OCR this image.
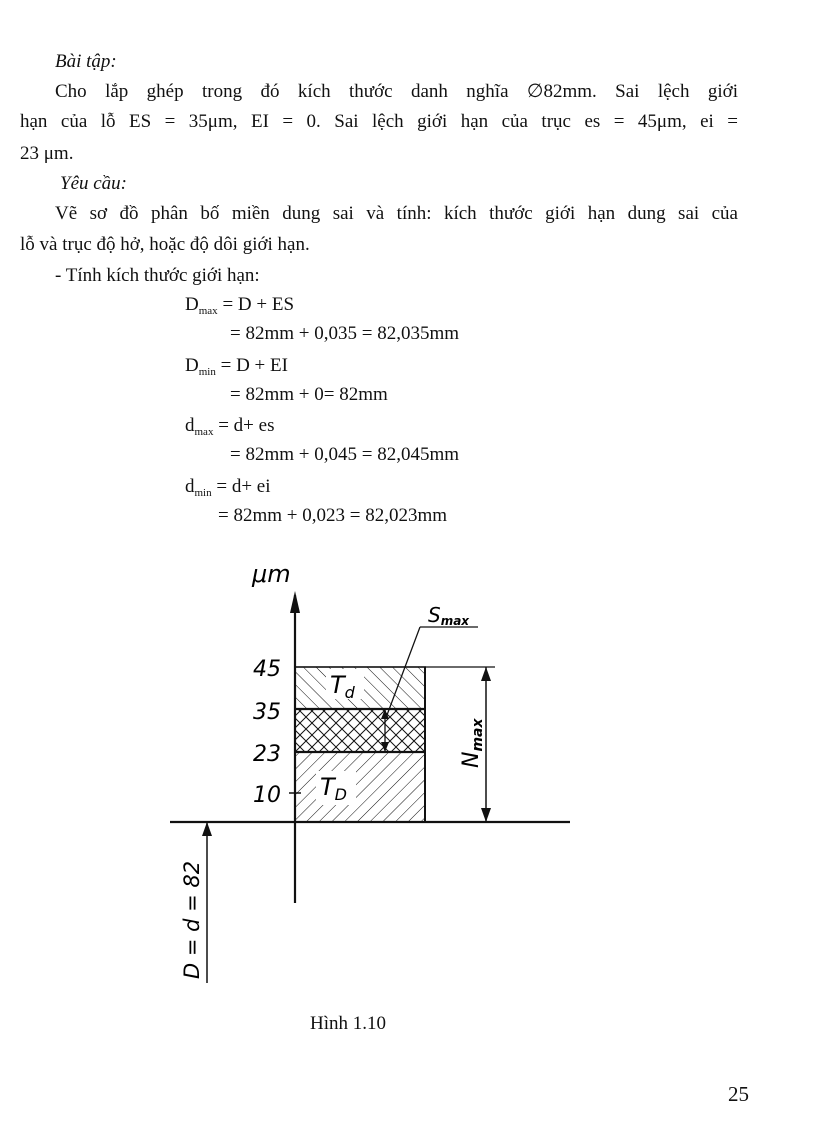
Bài tập:
Cho lắp ghép trong đó kích thước danh nghĩa ∅82mm. Sai lệch giới
hạn của lỗ ES = 35μm, EI = 0. Sai lệch giới hạn của trục es = 45μm, ei =
23 μm.
Yêu cầu:
Vẽ sơ đồ phân bố miền dung sai và tính: kích thước giới hạn dung sai của
lỗ và trục độ hở, hoặc độ dôi giới hạn.
- Tính kích thước giới hạn:
$D_{max} = D$ + ES
= 82mm + 0,035 = 82,035mm
$D_{min} = D$ + EI
= 82mm + 0= 82mm
$d_{max} = d+$ es
= 82mm + 0,045 = 82,045mm
$d_{min} = d+$ ei
= 82mm + 0,023 = 82,023mm
μm
$T_d$
$T_D$
45
35
23
10
Smax
Nmax
D = d = 82
Hình 1.10
25
